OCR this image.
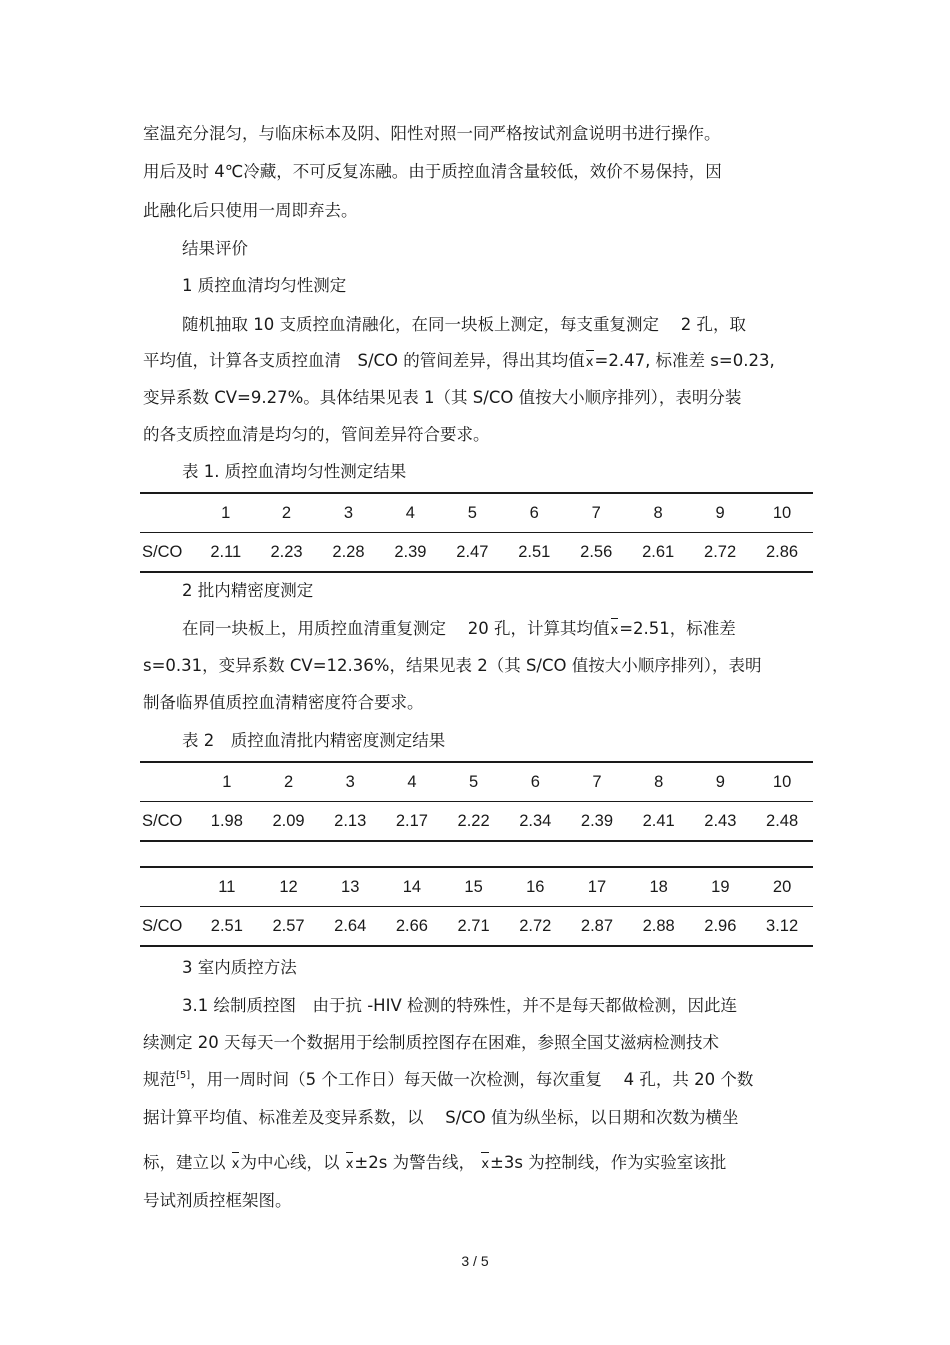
室温充分混匀，与临床标本及阴、阳性对照一同严格按试剂盒说明书进行操作。
用后及时 4℃冷藏，不可反复冻融。由于质控血清含量较低，效价不易保持，因
此融化后只使用一周即弃去。
结果评价
1 质控血清均匀性测定
随机抽取 10 支质控血清融化，在同一块板上测定，每支重复测定　 2 孔，取
平均值，计算各支质控血清　S/CO 的管间差异，得出其均值x=2.47, 标准差 s=0.23,
变异系数 CV=9.27%。具体结果见表 1（其 S/CO 值按大小顺序排列），表明分装
的各支质控血清是均匀的，管间差异符合要求。
表 1. 质控血清均匀性测定结果
	1	2	3	4	5	6	7	8	9	10
S/CO	2.11	2.23	2.28	2.39	2.47	2.51	2.56	2.61	2.72	2.86
2 批内精密度测定
在同一块板上，用质控血清重复测定　 20 孔，计算其均值x=2.51，标准差
s=0.31，变异系数 CV=12.36%，结果见表 2（其 S/CO 值按大小顺序排列），表明
制备临界值质控血清精密度符合要求。
表 2　质控血清批内精密度测定结果
	1	2	3	4	5	6	7	8	9	10
S/CO	1.98	2.09	2.13	2.17	2.22	2.34	2.39	2.41	2.43	2.48
	11	12	13	14	15	16	17	18	19	20
S/CO	2.51	2.57	2.64	2.66	2.71	2.72	2.87	2.88	2.96	3.12
3 室内质控方法
3.1 绘制质控图　由于抗 -HIV 检测的特殊性，并不是每天都做检测，因此连
续测定 20 天每天一个数据用于绘制质控图存在困难，参照全国艾滋病检测技术
规范[5]，用一周时间（5 个工作日）每天做一次检测，每次重复　 4 孔，共 20 个数
据计算平均值、标准差及变异系数，以　 S/CO 值为纵坐标，以日期和次数为横坐
标，建立以 x为中心线，以 x±2s 为警告线， x±3s 为控制线，作为实验室该批
号试剂质控框架图。
3 / 5
